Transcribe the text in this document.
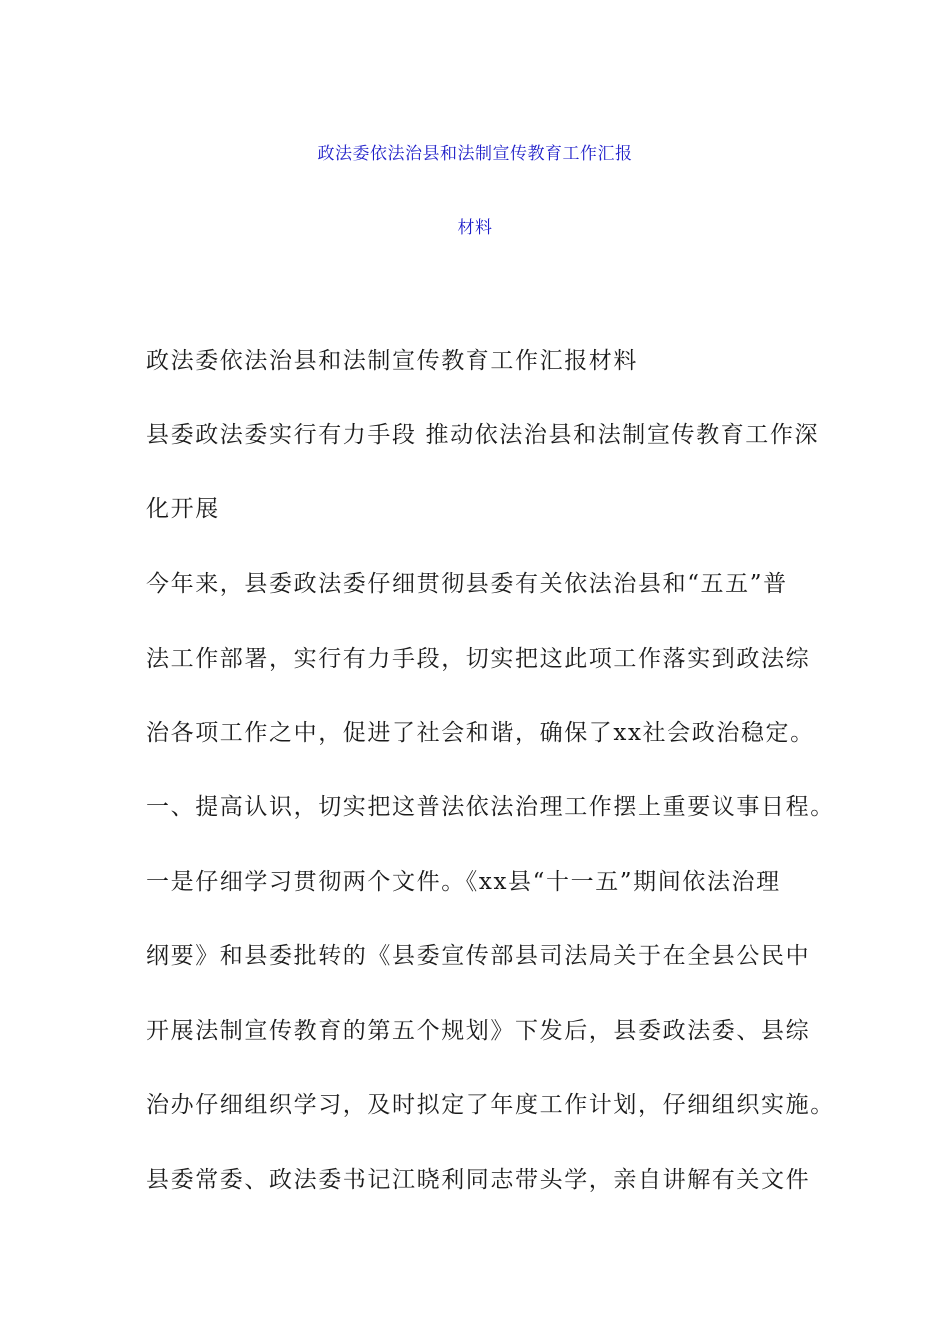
政法委依法治县和法制宣传教育工作汇报
材料
政法委依法治县和法制宣传教育工作汇报材料
县委政法委实行有力手段 推动依法治县和法制宣传教育工作深
化开展
今年来，县委政法委仔细贯彻县委有关依法治县和“五五”普
法工作部署，实行有力手段，切实把这此项工作落实到政法综
治各项工作之中，促进了社会和谐，确保了xx社会政治稳定。
一、提高认识，切实把这普法依法治理工作摆上重要议事日程。
一是仔细学习贯彻两个文件。《xx县“十一五”期间依法治理
纲要》和县委批转的《县委宣传部县司法局关于在全县公民中
开展法制宣传教育的第五个规划》下发后，县委政法委、县综
治办仔细组织学习，及时拟定了年度工作计划，仔细组织实施。
县委常委、政法委书记江晓利同志带头学，亲自讲解有关文件
